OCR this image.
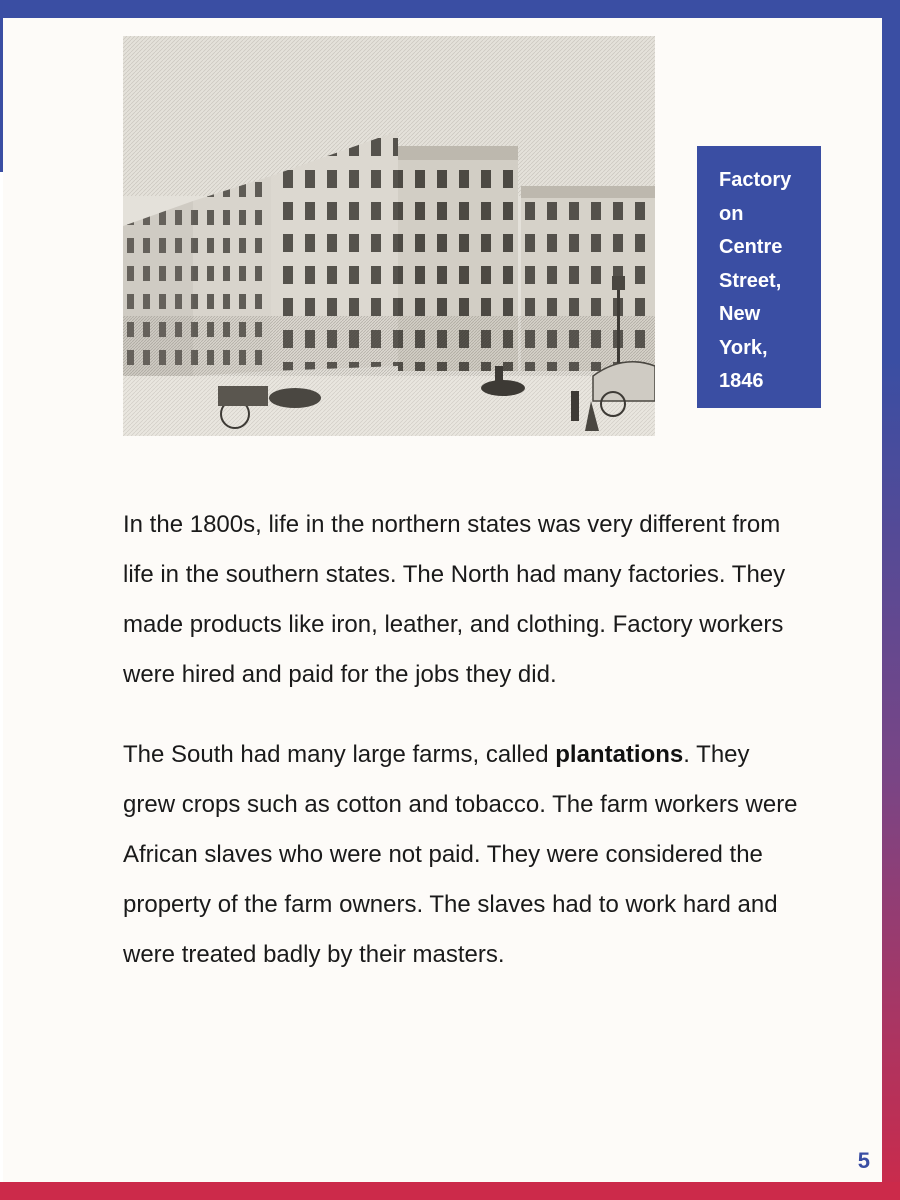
Factory
on
Centre
Street,
New
York,
1846

In the 1800s, life in the northern states was very different from life in the southern states. The North had many factories. They made products like iron, leather, and clothing. Factory workers were hired and paid for the jobs they did.

The South had many large farms, called plantations. They grew crops such as cotton and tobacco. The farm workers were African slaves who were not paid. They were considered the property of the farm owners. The slaves had to work hard and were treated badly by their masters.

5
